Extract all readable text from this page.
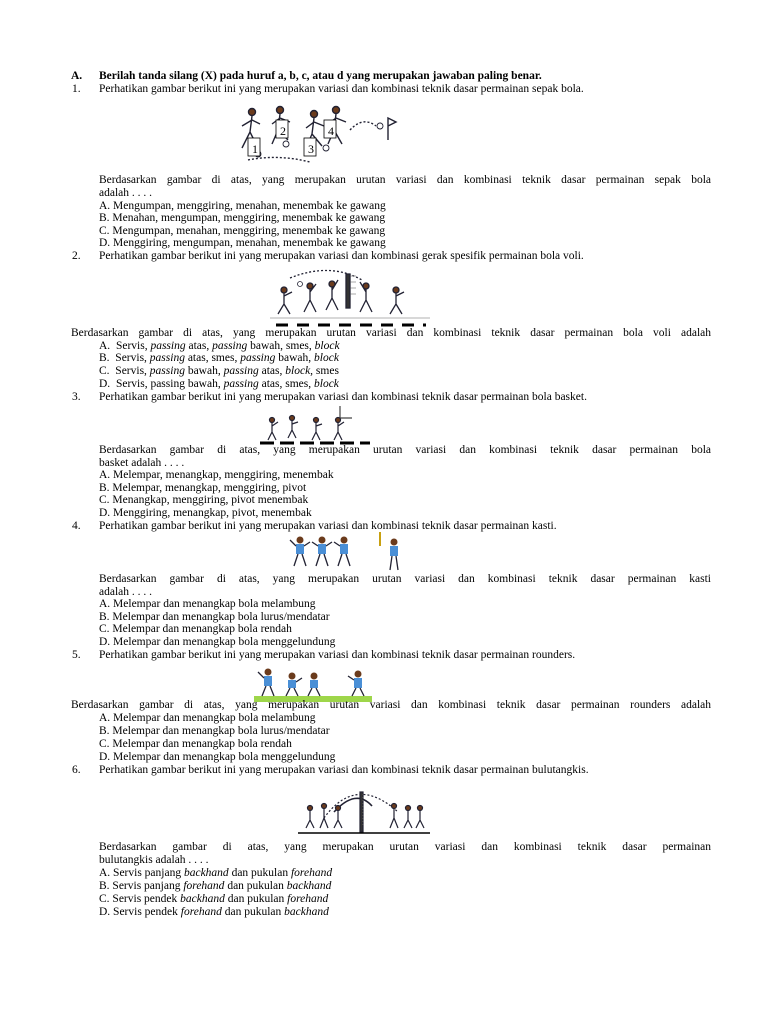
A. Berilah tanda silang (X) pada huruf a, b, c, atau d yang merupakan jawaban paling benar.
1. Perhatikan gambar berikut ini yang merupakan variasi dan kombinasi teknik dasar permainan sepak bola.
1
2
3
4
Berdasarkan gambar di atas, yang merupakan urutan variasi dan kombinasi teknik dasar permainan sepak bola
adalah . . . .
A. Mengumpan, menggiring, menahan, menembak ke gawang
B. Menahan, mengumpan, menggiring, menembak ke gawang
C. Mengumpan, menahan, menggiring, menembak ke gawang
D. Menggiring, mengumpan, menahan, menembak ke gawang
2. Perhatikan gambar berikut ini yang merupakan variasi dan kombinasi gerak spesifik permainan bola voli.
Berdasarkan gambar di atas, yang merupakan urutan variasi dan kombinasi teknik dasar permainan bola voli adalah
A. Servis, passing atas, passing bawah, smes, block
B. Servis, passing atas, smes, passing bawah, block
C. Servis, passing bawah, passing atas, block, smes
D. Servis, passing bawah, passing atas, smes, block
3. Perhatikan gambar berikut ini yang merupakan variasi dan kombinasi teknik dasar permainan bola basket.
Berdasarkan gambar di atas, yang merupakan urutan variasi dan kombinasi teknik dasar permainan bola
basket adalah . . . .
A. Melempar, menangkap, menggiring, menembak
B. Melempar, menangkap, menggiring, pivot
C. Menangkap, menggiring, pivot menembak
D. Menggiring, menangkap, pivot, menembak
4. Perhatikan gambar berikut ini yang merupakan variasi dan kombinasi teknik dasar permainan kasti.
Berdasarkan gambar di atas, yang merupakan urutan variasi dan kombinasi teknik dasar permainan kasti
adalah . . . .
A. Melempar dan menangkap bola melambung
B. Melempar dan menangkap bola lurus/mendatar
C. Melempar dan menangkap bola rendah
D. Melempar dan menangkap bola menggelundung
5. Perhatikan gambar berikut ini yang merupakan variasi dan kombinasi teknik dasar permainan rounders.
Berdasarkan gambar di atas, yang merupakan urutan variasi dan kombinasi teknik dasar permainan rounders adalah
A. Melempar dan menangkap bola melambung
B. Melempar dan menangkap bola lurus/mendatar
C. Melempar dan menangkap bola rendah
D. Melempar dan menangkap bola menggelundung
6. Perhatikan gambar berikut ini yang merupakan variasi dan kombinasi teknik dasar permainan bulutangkis.
Berdasarkan gambar di atas, yang merupakan urutan variasi dan kombinasi teknik dasar permainan
bulutangkis adalah . . . .
A. Servis panjang backhand dan pukulan forehand
B. Servis panjang forehand dan pukulan backhand
C. Servis pendek backhand dan pukulan forehand
D. Servis pendek forehand dan pukulan backhand
